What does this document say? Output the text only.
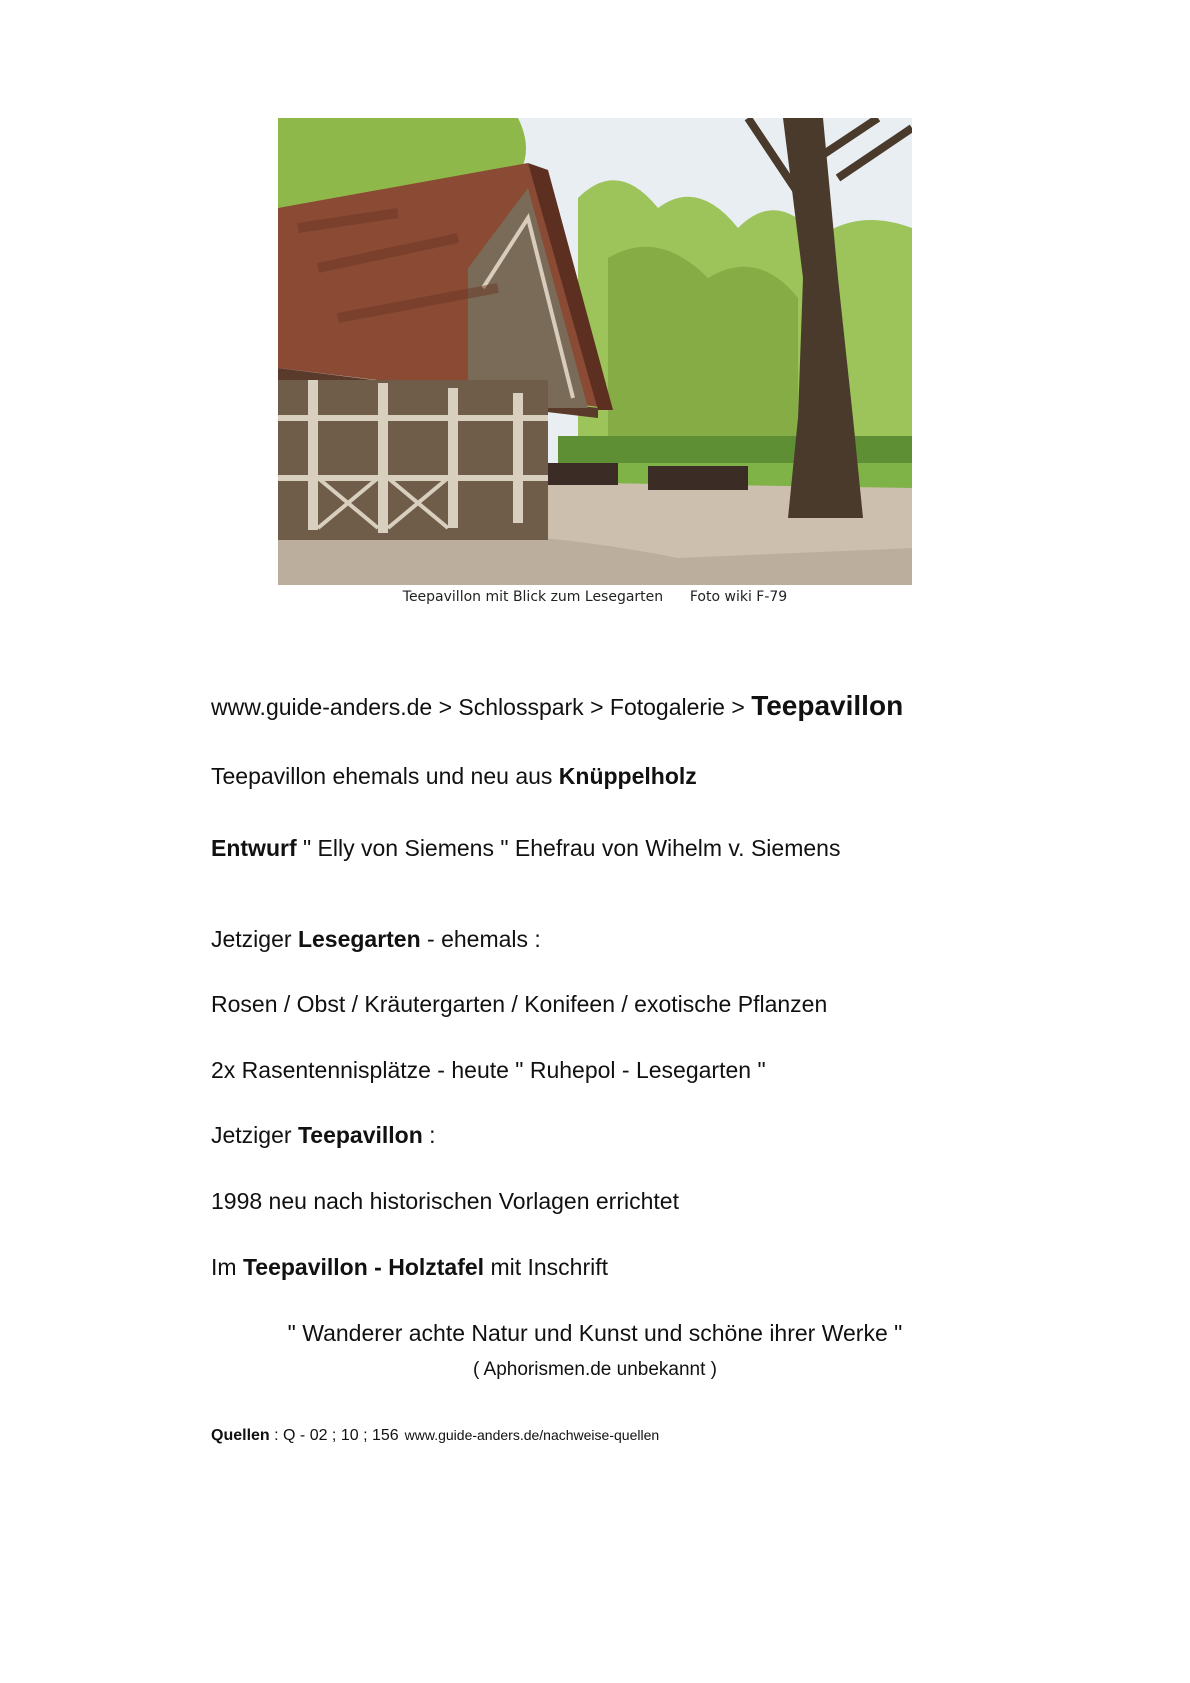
Teepavillon mit Blick zum Lesegarten Foto wiki F-79
www.guide-anders.de > Schlosspark > Fotogalerie > Teepavillon
Teepavillon ehemals und neu aus Knüppelholz
Entwurf " Elly von Siemens " Ehefrau von Wihelm v. Siemens
Jetziger Lesegarten - ehemals :
Rosen / Obst / Kräutergarten / Konifeen / exotische Pflanzen
2x Rasentennisplätze - heute " Ruhepol - Lesegarten "
Jetziger Teepavillon :
1998 neu nach historischen Vorlagen errichtet
Im Teepavillon - Holztafel mit Inschrift
" Wanderer achte Natur und Kunst und schöne ihrer Werke "
( Aphorismen.de unbekannt )
Quellen : Q - 02 ; 10 ; 156 www.guide-anders.de/nachweise-quellen
